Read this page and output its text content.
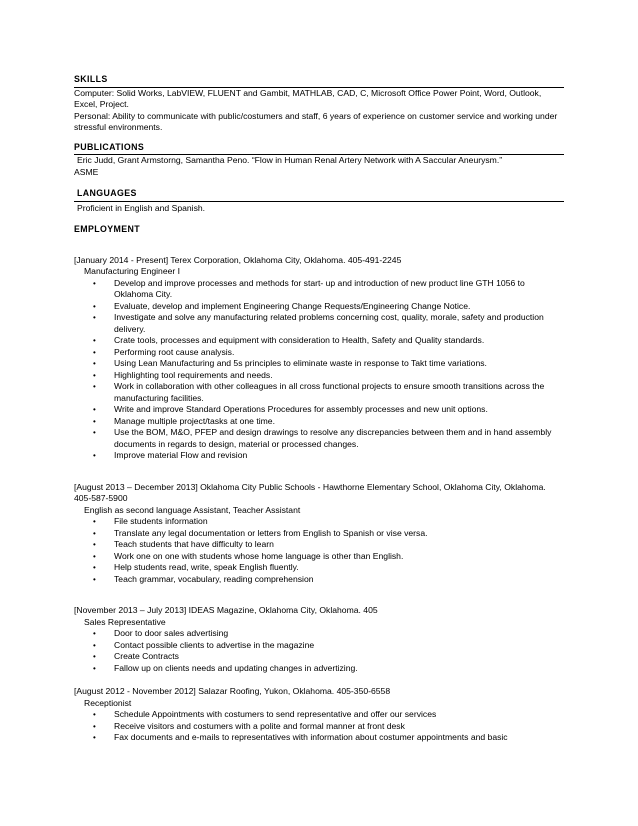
SKILLS

Computer: Solid Works, LabVIEW, FLUENT and Gambit, MATHLAB, CAD, C, Microsoft Office Power Point, Word, Outlook, Excel, Project.

Personal: Ability to communicate with public/costumers and staff, 6 years of experience on customer service and working under stressful environments.

PUBLICATIONS

Eric Judd, Grant Armstorng, Samantha Peno. “Flow in Human Renal Artery Network with A Saccular Aneurysm.”

ASME

LANGUAGES

Proficient in English and Spanish.

EMPLOYMENT

[January 2014 - Present] Terex Corporation, Oklahoma City, Oklahoma. 405-491-2245

Manufacturing Engineer I

• Develop and improve processes and methods for start- up and introduction of new product line GTH 1056 to Oklahoma City.
• Evaluate, develop and implement Engineering Change Requests/Engineering Change Notice.
• Investigate and solve any manufacturing related problems concerning cost, quality, morale, safety and production delivery.
• Crate tools, processes and equipment with consideration to Health, Safety and Quality standards.
• Performing root cause analysis.
• Using Lean Manufacturing and 5s principles to eliminate waste in response to Takt time variations.
• Highlighting tool requirements and needs.
• Work in collaboration with other colleagues in all cross functional projects to ensure smooth transitions across the manufacturing facilities.
• Write and improve Standard Operations Procedures for assembly processes and new unit options.
• Manage multiple project/tasks at one time.
• Use the BOM, M&O, PFEP and design drawings to resolve any discrepancies between them and in hand assembly documents in regards to design, material or processed changes.
• Improve material Flow and revision

[August 2013 – December 2013] Oklahoma City Public Schools - Hawthorne Elementary School, Oklahoma City, Oklahoma. 405-587-5900

English as second language Assistant, Teacher Assistant

• File students information
• Translate any legal documentation or letters from English to Spanish or vise versa.
• Teach students that have difficulty to learn
• Work one on one with students whose home language is other than English.
• Help students read, write, speak English fluently.
• Teach grammar, vocabulary, reading comprehension

[November 2013 – July 2013] IDEAS Magazine, Oklahoma City, Oklahoma. 405

Sales Representative

• Door to door sales advertising
• Contact possible clients to advertise in the magazine
• Create Contracts
• Fallow up on clients needs and updating changes in advertizing.

[August 2012 - November 2012] Salazar Roofing, Yukon, Oklahoma. 405-350-6558

Receptionist

• Schedule Appointments with costumers to send representative and offer our services
• Receive visitors and costumers with a polite and formal manner at front desk
• Fax documents and e-mails to representatives with information about costumer appointments and basic
